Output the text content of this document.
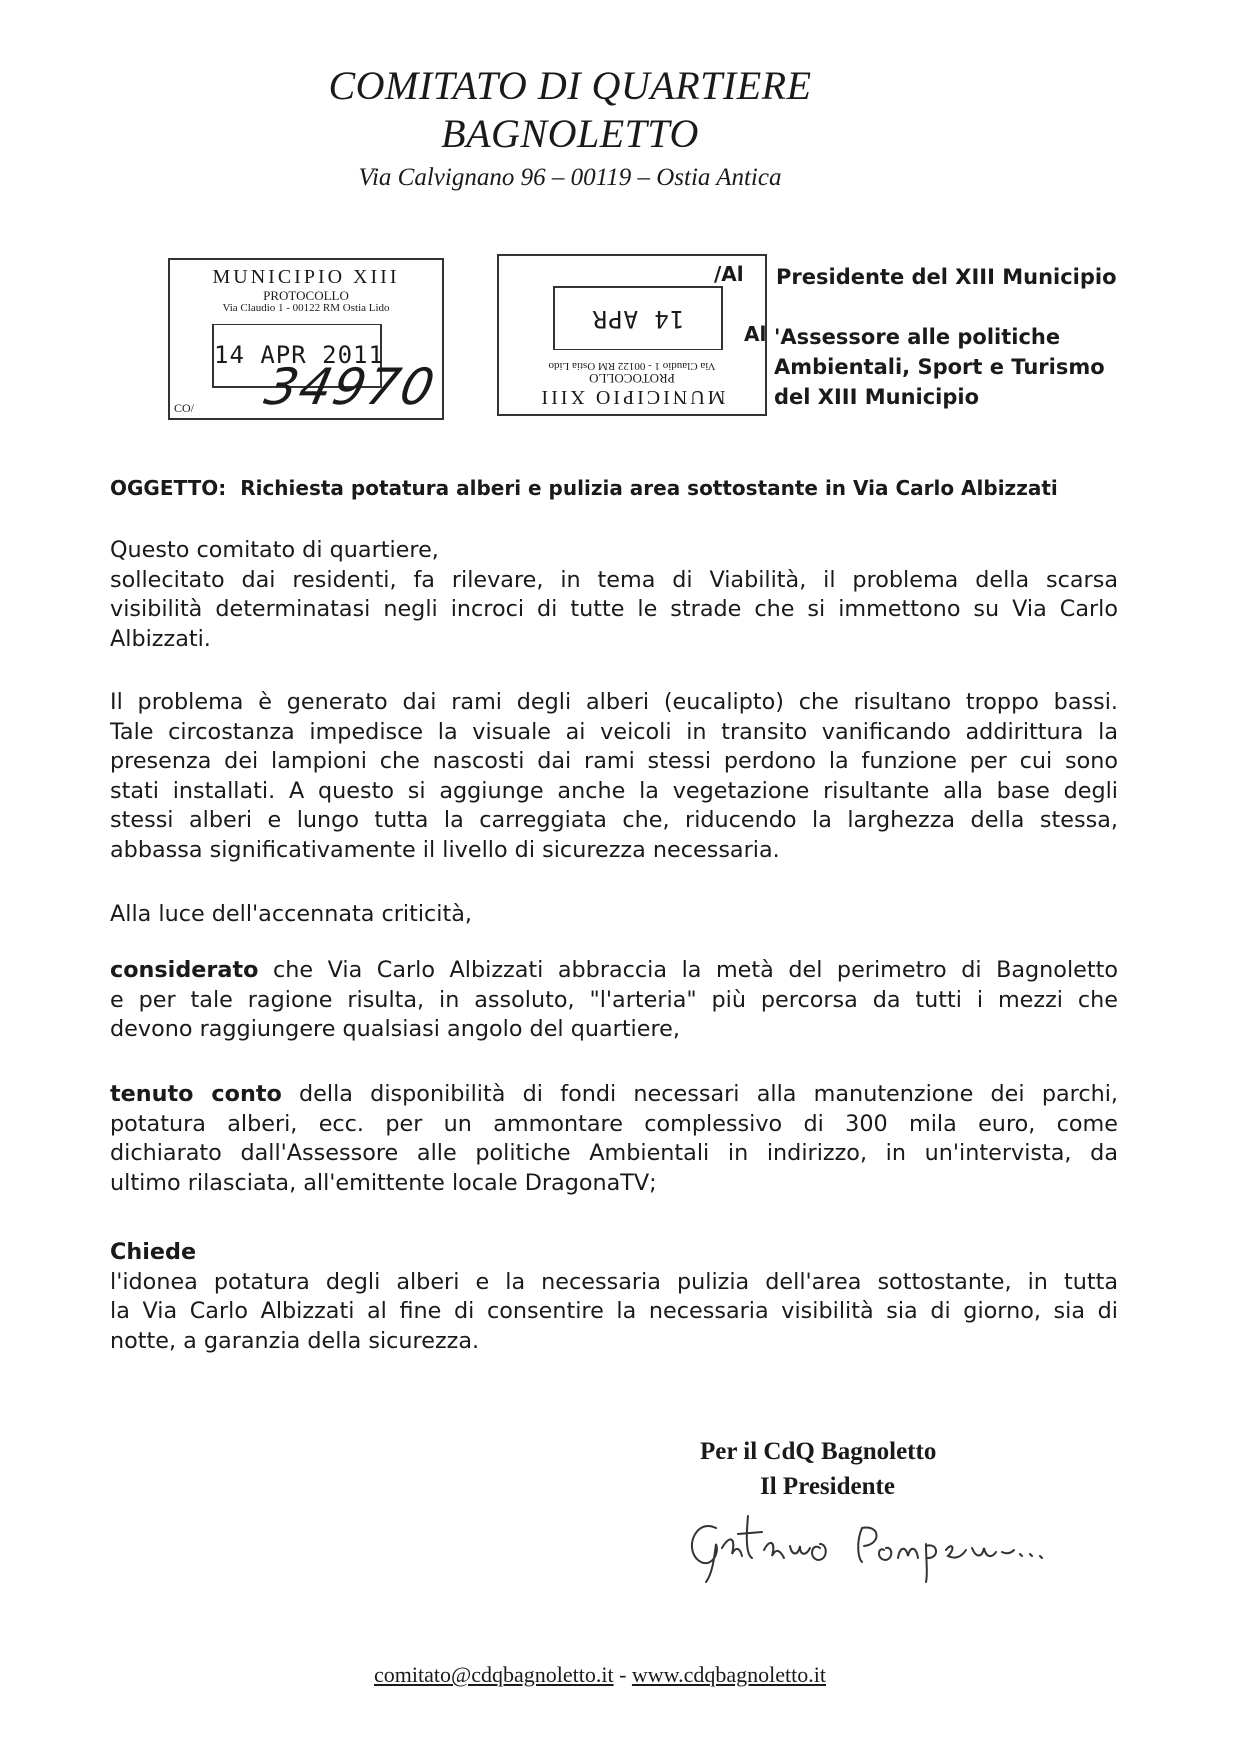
COMITATO DI QUARTIERE
BAGNOLETTO
Via Calvignano 96 – 00119 – Ostia Antica
MUNICIPIO XIII
PROTOCOLLO
Via Claudio 1 - 00122 RM Ostia Lido
14 APR 2011
CO/ 34970	MUNICIPIO XIII
PROTOCOLLO
Via Claudio 1 - 00122 RM Ostia Lido
14 APR
/Al Presidente del XIII Municipio
Al 'Assessore alle politiche
Ambientali, Sport e Turismo
del XIII Municipio
OGGETTO: Richiesta potatura alberi e pulizia area sottostante in Via Carlo Albizzati
Questo comitato di quartiere,
sollecitato dai residenti, fa rilevare, in tema di Viabilità, il problema della scarsa
visibilità determinatasi negli incroci di tutte le strade che si immettono su Via Carlo
Albizzati.
Il problema è generato dai rami degli alberi (eucalipto) che risultano troppo bassi.
Tale circostanza impedisce la visuale ai veicoli in transito vanificando addirittura la
presenza dei lampioni che nascosti dai rami stessi perdono la funzione per cui sono
stati installati. A questo si aggiunge anche la vegetazione risultante alla base degli
stessi alberi e lungo tutta la carreggiata che, riducendo la larghezza della stessa,
abbassa significativamente il livello di sicurezza necessaria.
Alla luce dell'accennata criticità,
considerato che Via Carlo Albizzati abbraccia la metà del perimetro di Bagnoletto
e per tale ragione risulta, in assoluto, "l'arteria" più percorsa da tutti i mezzi che
devono raggiungere qualsiasi angolo del quartiere,
tenuto conto della disponibilità di fondi necessari alla manutenzione dei parchi,
potatura alberi, ecc. per un ammontare complessivo di 300 mila euro, come
dichiarato dall'Assessore alle politiche Ambientali in indirizzo, in un'intervista, da
ultimo rilasciata, all'emittente locale DragonaTV;
Chiede
l'idonea potatura degli alberi e la necessaria pulizia dell'area sottostante, in tutta
la Via Carlo Albizzati al fine di consentire la necessaria visibilità sia di giorno, sia di
notte, a garanzia della sicurezza.
Per il CdQ Bagnoletto
Il Presidente
comitato@cdqbagnoletto.it - www.cdqbagnoletto.it
